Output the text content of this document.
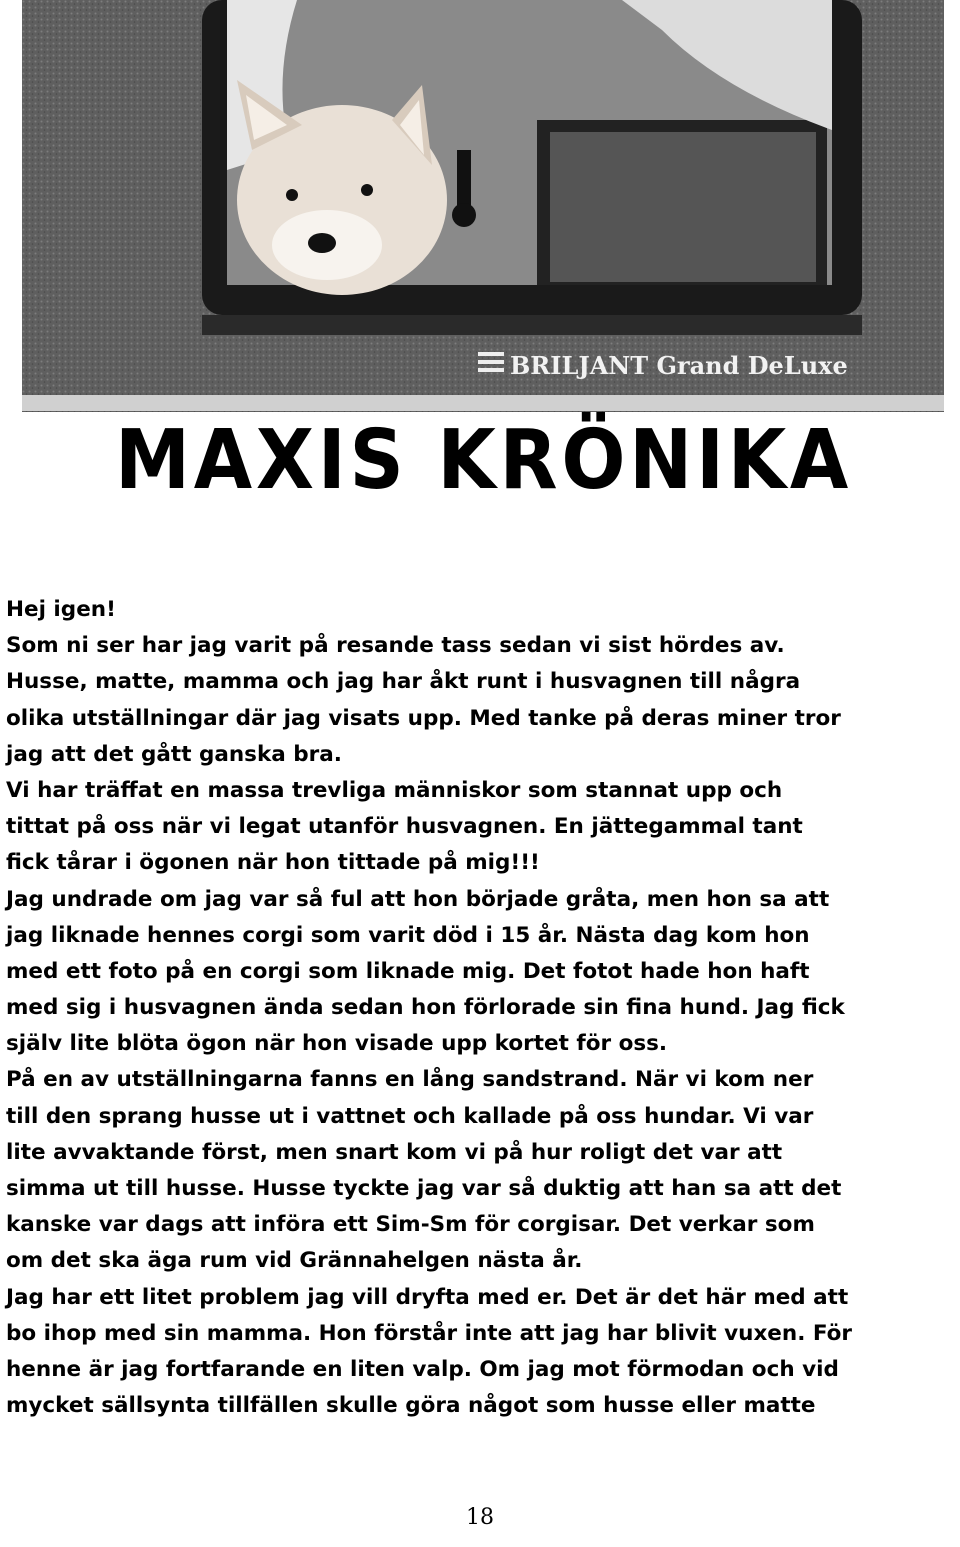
BRILJANT Grand DeLuxe
MAXIS KRÖNIKA
Hej igen!
Som ni ser har jag varit på resande tass sedan vi sist hördes av.
Husse, matte, mamma och jag har åkt runt i husvagnen till några
olika utställningar där jag visats upp. Med tanke på deras miner tror
jag att det gått ganska bra.
Vi har träffat en massa trevliga människor som stannat upp och
tittat på oss när vi legat utanför husvagnen. En jättegammal tant
fick tårar i ögonen när hon tittade på mig!!!
Jag undrade om jag var så ful att hon började gråta, men hon sa att
jag liknade hennes corgi som varit död i 15 år. Nästa dag kom hon
med ett foto på en corgi som liknade mig. Det fotot hade hon haft
med sig i husvagnen ända sedan hon förlorade sin fina hund. Jag fick
själv lite blöta ögon när hon visade upp kortet för oss.
På en av utställningarna fanns en lång sandstrand. När vi kom ner
till den sprang husse ut i vattnet och kallade på oss hundar. Vi var
lite avvaktande först, men snart kom vi på hur roligt det var att
simma ut till husse. Husse tyckte jag var så duktig att han sa att det
kanske var dags att införa ett Sim-Sm för corgisar. Det verkar som
om det ska äga rum vid Grännahelgen nästa år.
Jag har ett litet problem jag vill dryfta med er. Det är det här med att
bo ihop med sin mamma. Hon förstår inte att jag har blivit vuxen. För
henne är jag fortfarande en liten valp. Om jag mot förmodan och vid
mycket sällsynta tillfällen skulle göra något som husse eller matte
18
